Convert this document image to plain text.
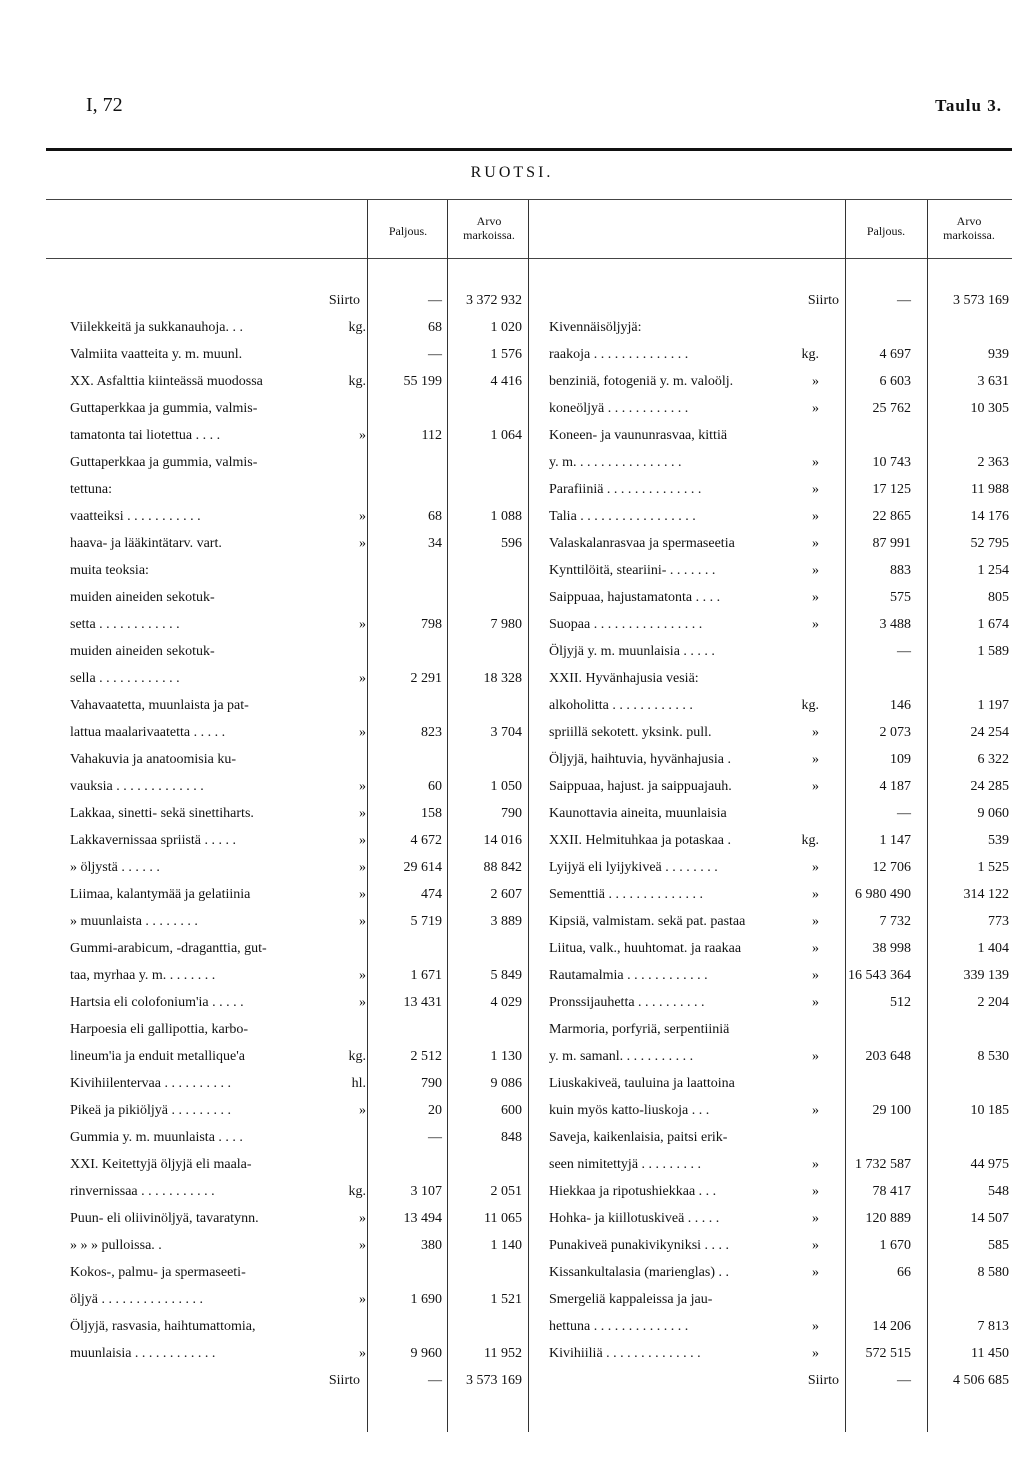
I, 72	Taulu 3.
RUOTSI.
Paljous.
Arvo
markoissa.	Paljous.
Arvo
markoissa.
Siirto	—	3 372 932
Viilekkeitä ja sukkanauhoja. . .	kg.	68	1 020
Valmiita vaatteita y. m. muunl.	—	1 576
XX. Asfalttia kiinteässä muodossa	kg.	55 199	4 416
Guttaperkkaa ja gummia, valmis-
tamatonta tai liotettua . . . .	»	112	1 064
Guttaperkkaa ja gummia, valmis-
tettuna:
vaatteiksi . . . . . . . . . . .	»	68	1 088
haava- ja lääkintätarv. vart.	»	34	596
muita teoksia:
muiden aineiden sekotuk-
setta . . . . . . . . . . . .	»	798	7 980
muiden aineiden sekotuk-
sella . . . . . . . . . . . .	»	2 291	18 328
Vahavaatetta, muunlaista ja pat-
lattua maalarivaatetta . . . . .	»	823	3 704
Vahakuvia ja anatoomisia ku-
vauksia . . . . . . . . . . . . .	»	60	1 050
Lakkaa, sinetti- sekä sinettiharts.	»	158	790
Lakkavernissaa spriistä . . . . .	»	4 672	14 016
» öljystä . . . . . .	»	29 614	88 842
Liimaa, kalantymää ja gelatiinia	»	474	2 607
» muunlaista . . . . . . . .	»	5 719	3 889
Gummi-arabicum, -draganttia, gut-
taa, myrhaa y. m. . . . . . . .	»	1 671	5 849
Hartsia eli colofonium'ia . . . . .	»	13 431	4 029
Harpoesia eli gallipottia, karbo-
lineum'ia ja enduit metallique'a	kg.	2 512	1 130
Kivihiilentervaa . . . . . . . . . .	hl.	790	9 086
Pikeä ja pikiöljyä . . . . . . . . .	»	20	600
Gummia y. m. muunlaista . . . .	—	848
XXI. Keitettyjä öljyjä eli maala-
rinvernissaa . . . . . . . . . . .	kg.	3 107	2 051
Puun- eli oliivinöljyä, tavaratynn.	»	13 494	11 065
» » » pulloissa. .	»	380	1 140
Kokos-, palmu- ja spermaseeti-
öljyä . . . . . . . . . . . . . . .	»	1 690	1 521
Öljyjä, rasvasia, haihtumattomia,
muunlaisia . . . . . . . . . . . .	»	9 960	11 952
Siirto	—	3 573 169
Siirto	—	3 573 169
Kivennäisöljyjä:
raakoja . . . . . . . . . . . . . .	kg.	4 697	939
benziniä, fotogeniä y. m. valoölj.	»	6 603	3 631
koneöljyä . . . . . . . . . . . .	»	25 762	10 305
Koneen- ja vaununrasvaa, kittiä
y. m. . . . . . . . . . . . . . . .	»	10 743	2 363
Parafiiniä . . . . . . . . . . . . . .	»	17 125	11 988
Talia . . . . . . . . . . . . . . . . .	»	22 865	14 176
Valaskalanrasvaa ja spermaseetia	»	87 991	52 795
Kynttilöitä, steariini- . . . . . . .	»	883	1 254
Saippuaa, hajustamatonta . . . .	»	575	805
Suopaa . . . . . . . . . . . . . . . .	»	3 488	1 674
Öljyjä y. m. muunlaisia . . . . .	—	1 589
XXII. Hyvänhajusia vesiä:
alkoholitta . . . . . . . . . . . .	kg.	146	1 197
spriillä sekotett. yksink. pull.	»	2 073	24 254
Öljyjä, haihtuvia, hyvänhajusia .	»	109	6 322
Saippuaa, hajust. ja saippuajauh.	»	4 187	24 285
Kaunottavia aineita, muunlaisia	—	9 060
XXII. Helmituhkaa ja potaskaa .	kg.	1 147	539
Lyijyä eli lyijykiveä . . . . . . . .	»	12 706	1 525
Sementtiä . . . . . . . . . . . . . .	»	6 980 490	314 122
Kipsiä, valmistam. sekä pat. pastaa	»	7 732	773
Liitua, valk., huuhtomat. ja raakaa	»	38 998	1 404
Rautamalmia . . . . . . . . . . . .	»	16 543 364	339 139
Pronssijauhetta . . . . . . . . . .	»	512	2 204
Marmoria, porfyriä, serpentiiniä
y. m. samanl. . . . . . . . . . .	»	203 648	8 530
Liuskakiveä, tauluina ja laattoina
kuin myös katto-liuskoja . . .	»	29 100	10 185
Saveja, kaikenlaisia, paitsi erik-
seen nimitettyjä . . . . . . . . .	»	1 732 587	44 975
Hiekkaa ja ripotushiekkaa . . .	»	78 417	548
Hohka- ja kiillotuskiveä . . . . .	»	120 889	14 507
Punakiveä punakivikyniksi . . . .	»	1 670	585
Kissankultalasia (marienglas) . .	»	66	8 580
Smergeliä kappaleissa ja jau-
hettuna . . . . . . . . . . . . . .	»	14 206	7 813
Kivihiiliä . . . . . . . . . . . . . .	»	572 515	11 450
Siirto	—	4 506 685
